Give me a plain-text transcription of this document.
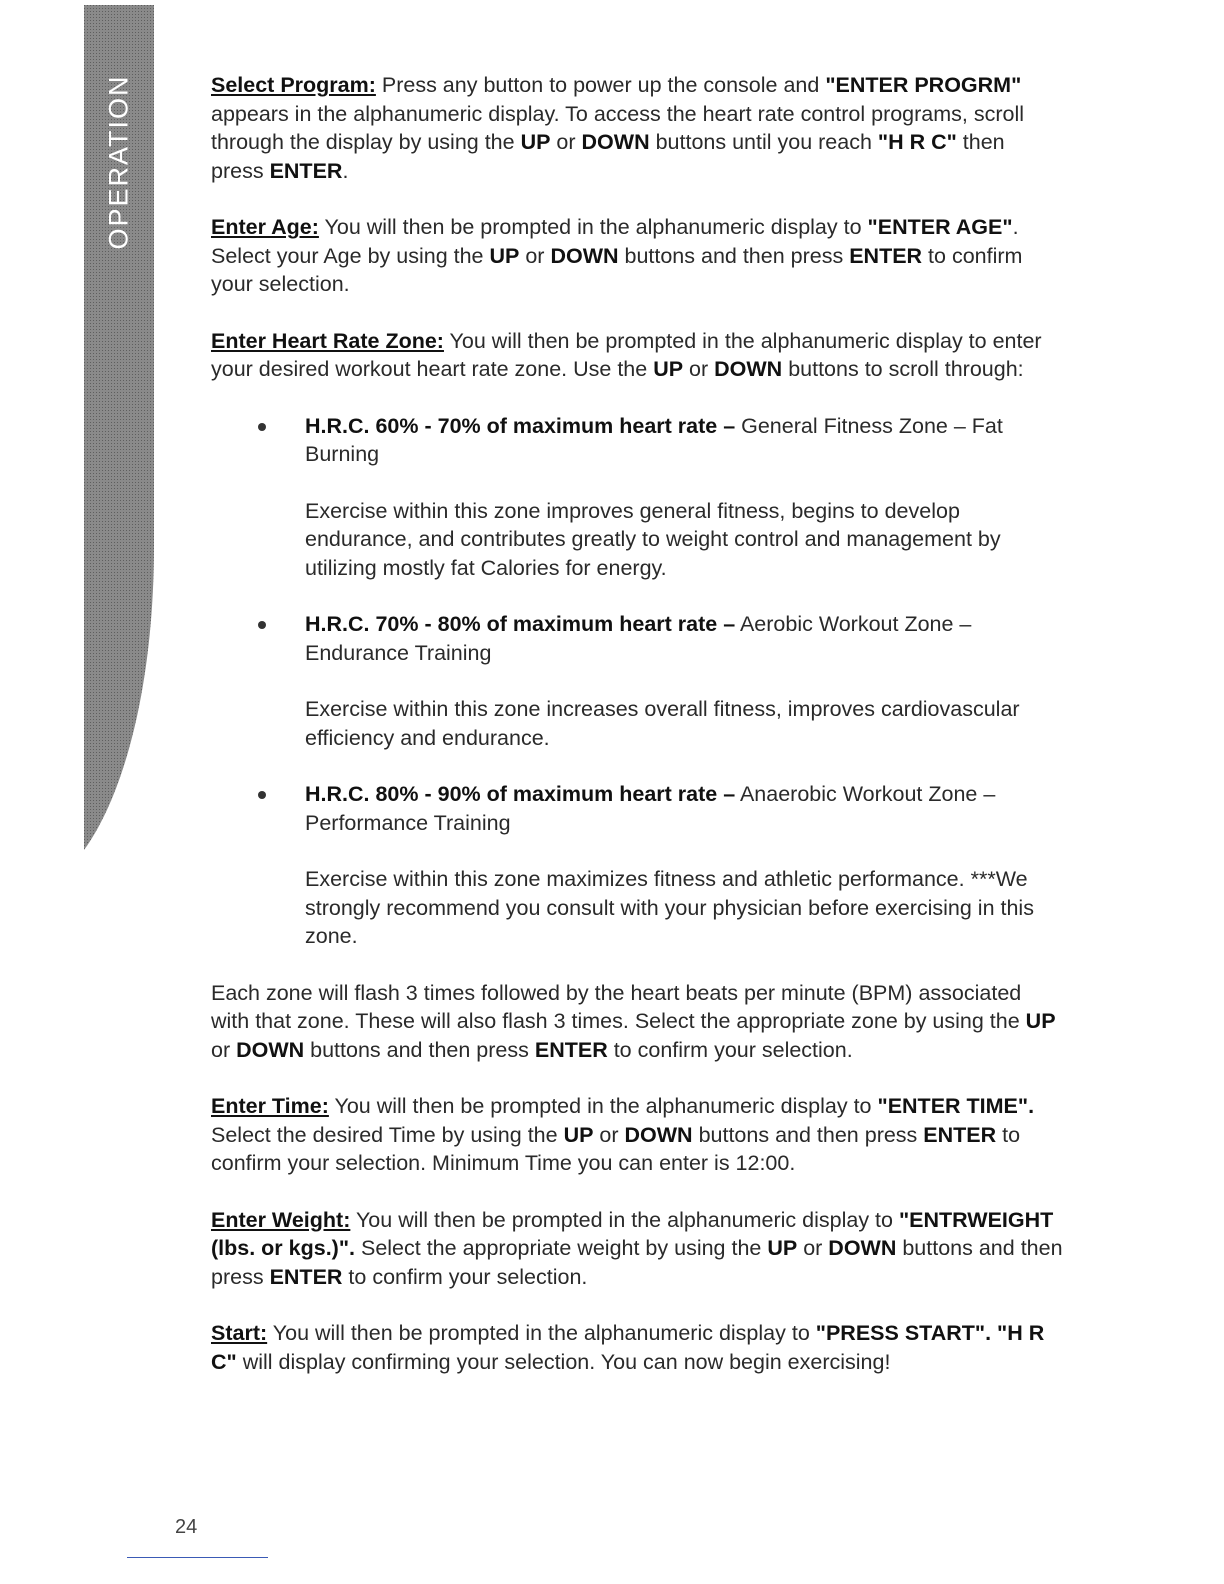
OPERATION	Select Program: Press any button to power up the console and "ENTER PROGRM" appears in the alphanumeric display. To access the heart rate control programs, scroll through the display by using the UP or DOWN buttons until you reach "H R C" then press ENTER.

Enter Age: You will then be prompted in the alphanumeric display to "ENTER AGE". Select your Age by using the UP or DOWN buttons and then press ENTER to confirm your selection.

Enter Heart Rate Zone: You will then be prompted in the alphanumeric display to enter your desired workout heart rate zone. Use the UP or DOWN buttons to scroll through:

H.R.C. 60% - 70% of maximum heart rate – General Fitness Zone – Fat Burning

Exercise within this zone improves general fitness, begins to develop endurance, and contributes greatly to weight control and management by utilizing mostly fat Calories for energy.

H.R.C. 70% - 80% of maximum heart rate – Aerobic Workout Zone – Endurance Training

Exercise within this zone increases overall fitness, improves cardiovascular efficiency and endurance.

H.R.C. 80% - 90% of maximum heart rate – Anaerobic Workout Zone – Performance Training

Exercise within this zone maximizes fitness and athletic performance. ***We strongly recommend you consult with your physician before exercising in this zone.

Each zone will flash 3 times followed by the heart beats per minute (BPM) associated with that zone. These will also flash 3 times. Select the appropriate zone by using the UP or DOWN buttons and then press ENTER to confirm your selection.

Enter Time: You will then be prompted in the alphanumeric display to "ENTER TIME". Select the desired Time by using the UP or DOWN buttons and then press ENTER to confirm your selection. Minimum Time you can enter is 12:00.

Enter Weight: You will then be prompted in the alphanumeric display to "ENTRWEIGHT (lbs. or kgs.)". Select the appropriate weight by using the UP or DOWN buttons and then press ENTER to confirm your selection.

Start: You will then be prompted in the alphanumeric display to "PRESS START". "H R C" will display confirming your selection. You can now begin exercising!

24
